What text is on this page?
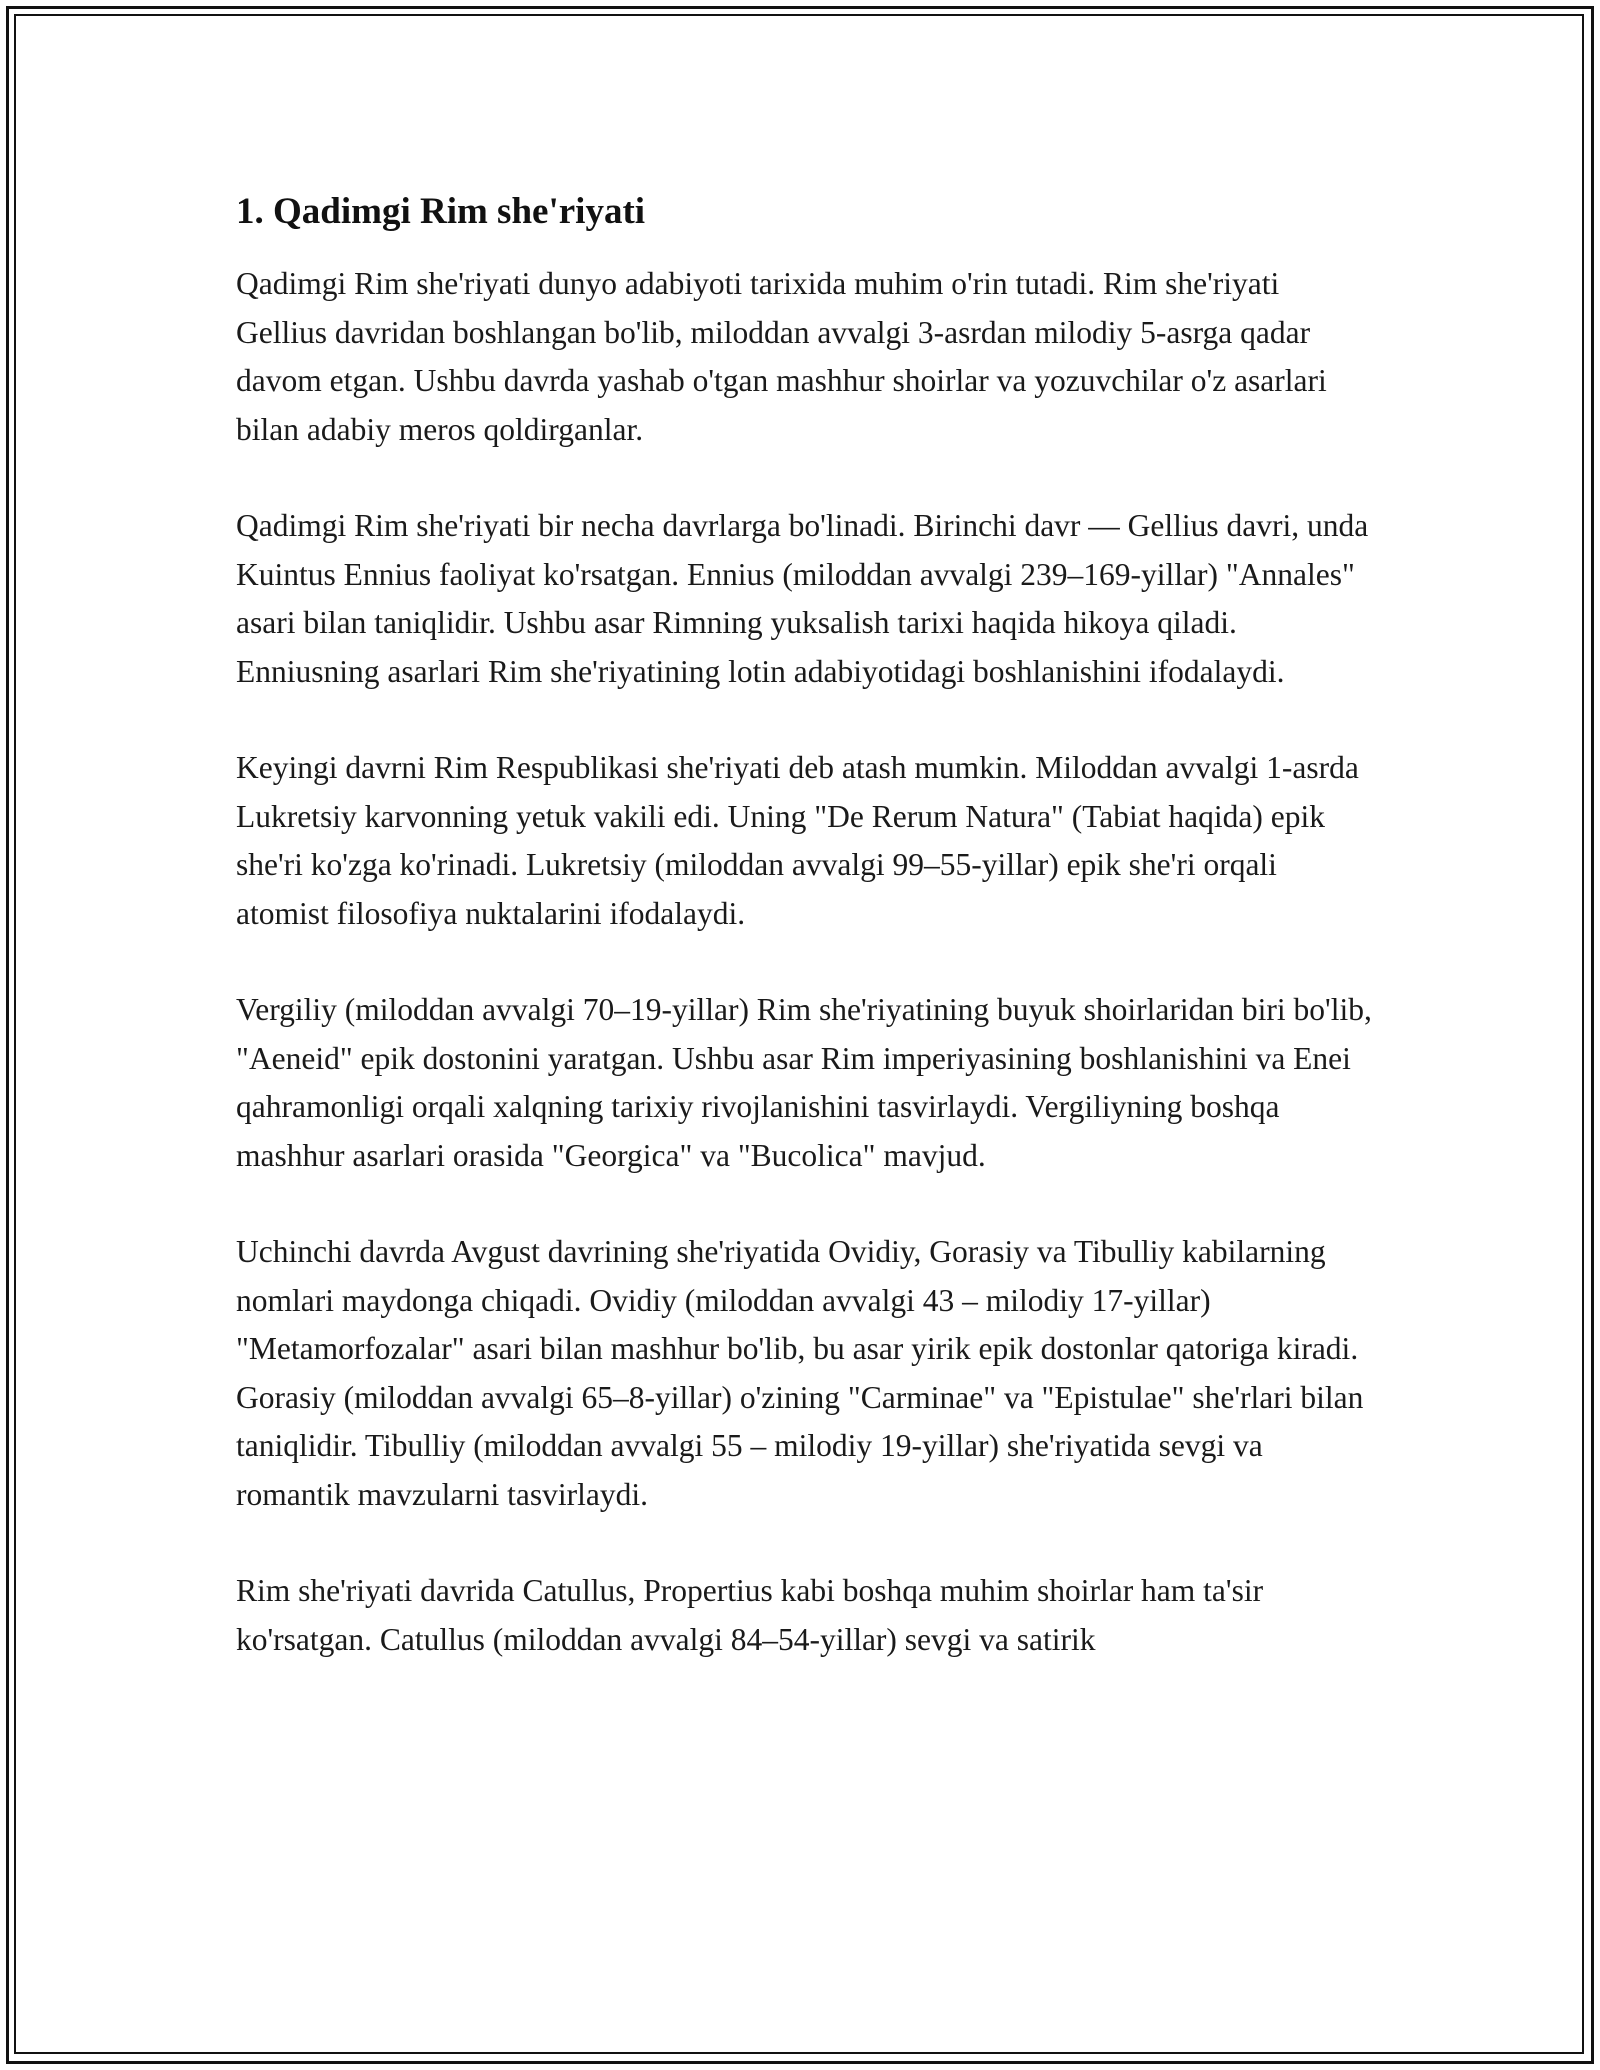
1. Qadimgi Rim she'riyati

Qadimgi Rim she'riyati dunyo adabiyoti tarixida muhim o'rin tutadi. Rim she'riyati Gellius davridan boshlangan bo'lib, miloddan avvalgi 3-asrdan milodiy 5-asrga qadar davom etgan. Ushbu davrda yashab o'tgan mashhur shoirlar va yozuvchilar o'z asarlari bilan adabiy meros qoldirganlar.

Qadimgi Rim she'riyati bir necha davrlarga bo'linadi. Birinchi davr — Gellius davri, unda Kuintus Ennius faoliyat ko'rsatgan. Ennius (miloddan avvalgi 239–169-yillar) "Annales" asari bilan taniqlidir. Ushbu asar Rimning yuksalish tarixi haqida hikoya qiladi. Enniusning asarlari Rim she'riyatining lotin adabiyotidagi boshlanishini ifodalaydi.

Keyingi davrni Rim Respublikasi she'riyati deb atash mumkin. Miloddan avvalgi 1-asrda Lukretsiy karvonning yetuk vakili edi. Uning "De Rerum Natura" (Tabiat haqida) epik she'ri ko'zga ko'rinadi. Lukretsiy (miloddan avvalgi 99–55-yillar) epik she'ri orqali atomist filosofiya nuktalarini ifodalaydi.

Vergiliy (miloddan avvalgi 70–19-yillar) Rim she'riyatining buyuk shoirlaridan biri bo'lib, "Aeneid" epik dostonini yaratgan. Ushbu asar Rim imperiyasining boshlanishini va Enei qahramonligi orqali xalqning tarixiy rivojlanishini tasvirlaydi. Vergiliyning boshqa mashhur asarlari orasida "Georgica" va "Bucolica" mavjud.

Uchinchi davrda Avgust davrining she'riyatida Ovidiy, Gorasiy va Tibulliy kabilarning nomlari maydonga chiqadi. Ovidiy (miloddan avvalgi 43 – milodiy 17-yillar) "Metamorfozalar" asari bilan mashhur bo'lib, bu asar yirik epik dostonlar qatoriga kiradi. Gorasiy (miloddan avvalgi 65–8-yillar) o'zining "Carminae" va "Epistulae" she'rlari bilan taniqlidir. Tibulliy (miloddan avvalgi 55 – milodiy 19-yillar) she'riyatida sevgi va romantik mavzularni tasvirlaydi.

Rim she'riyati davrida Catullus, Propertius kabi boshqa muhim shoirlar ham ta'sir ko'rsatgan. Catullus (miloddan avvalgi 84–54-yillar) sevgi va satirik
